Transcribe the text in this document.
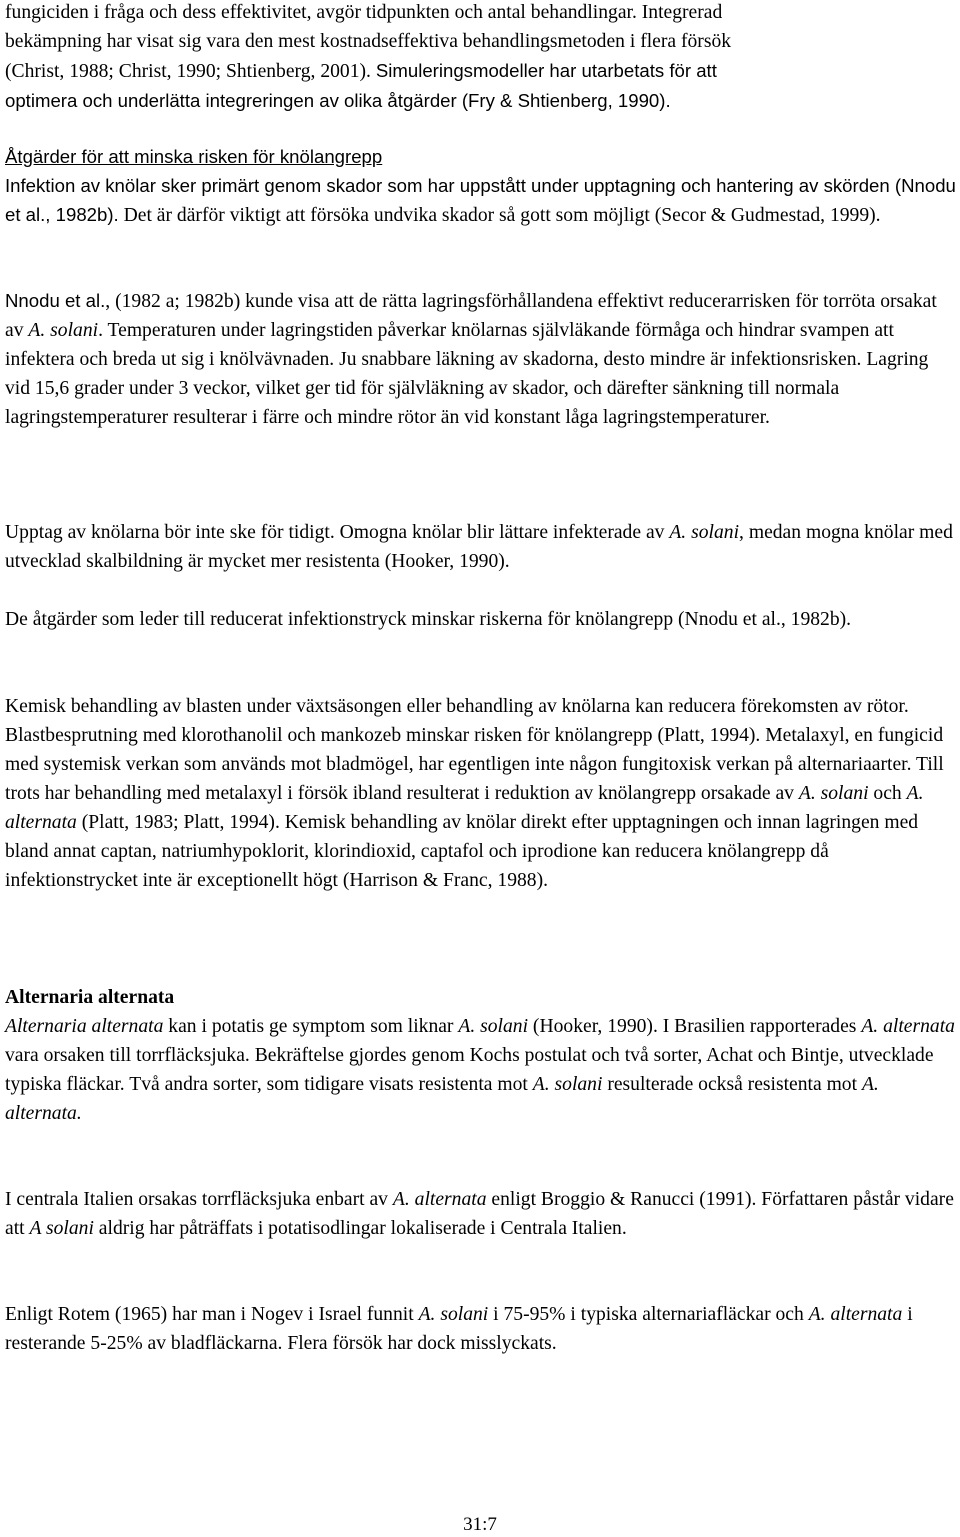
fungiciden i fråga och dess effektivitet, avgör tidpunkten och antal behandlingar. Integrerad
bekämpning har visat sig vara den mest kostnadseffektiva behandlingsmetoden i flera försök
(Christ, 1988; Christ, 1990; Shtienberg, 2001). Simuleringsmodeller har utarbetats för att
optimera och underlätta integreringen av olika åtgärder (Fry & Shtienberg, 1990).
Åtgärder för att minska risken för knölangrepp
Infektion av knölar sker primärt genom skador som har uppstått under upptagning och hantering av skörden (Nnodu et al., 1982b). Det är därför viktigt att försöka undvika skador så gott som möjligt (Secor & Gudmestad, 1999).
Nnodu et al., (1982 a; 1982b) kunde visa att de rätta lagringsförhållandena effektivt reducerarrisken för torröta orsakat av A. solani. Temperaturen under lagringstiden påverkar knölarnas självläkande förmåga och hindrar svampen att infektera och breda ut sig i knölvävnaden. Ju snabbare läkning av skadorna, desto mindre är infektionsrisken. Lagring vid 15,6 grader under 3 veckor, vilket ger tid för självläkning av skador, och därefter sänkning till normala lagringstemperaturer resulterar i färre och mindre rötor än vid konstant låga lagringstemperaturer.
Upptag av knölarna bör inte ske för tidigt. Omogna knölar blir lättare infekterade av A. solani, medan mogna knölar med utvecklad skalbildning är mycket mer resistenta (Hooker, 1990).
De åtgärder som leder till reducerat infektionstryck minskar riskerna för knölangrepp (Nnodu et al., 1982b).
Kemisk behandling av blasten under växtsäsongen eller behandling av knölarna kan reducera förekomsten av rötor. Blastbesprutning med klorothanolil och mankozeb minskar risken för knölangrepp (Platt, 1994). Metalaxyl, en fungicid med systemisk verkan som används mot bladmögel, har egentligen inte någon fungitoxisk verkan på alternariaarter. Till trots har behandling med metalaxyl i försök ibland resulterat i reduktion av knölangrepp orsakade av A. solani och A. alternata (Platt, 1983; Platt, 1994). Kemisk behandling av knölar direkt efter upptagningen och innan lagringen med bland annat captan, natriumhypoklorit, klorindioxid, captafol och iprodione kan reducera knölangrepp då infektionstrycket inte är exceptionellt högt (Harrison & Franc, 1988).
Alternaria alternata
Alternaria alternata kan i potatis ge symptom som liknar A. solani (Hooker, 1990). I Brasilien rapporterades A. alternata vara orsaken till torrfläcksjuka. Bekräftelse gjordes genom Kochs postulat och två sorter, Achat och Bintje, utvecklade typiska fläckar. Två andra sorter, som tidigare visats resistenta mot A. solani resulterade också resistenta mot A. alternata.
I centrala Italien orsakas torrfläcksjuka enbart av A. alternata enligt Broggio & Ranucci (1991). Författaren påstår vidare att A solani aldrig har påträffats i potatisodlingar lokaliserade i Centrala Italien.
Enligt Rotem (1965) har man i Nogev i Israel funnit A. solani i 75-95% i typiska alternariafläckar och A. alternata i resterande 5-25% av bladfläckarna. Flera försök har dock misslyckats.
31:7
